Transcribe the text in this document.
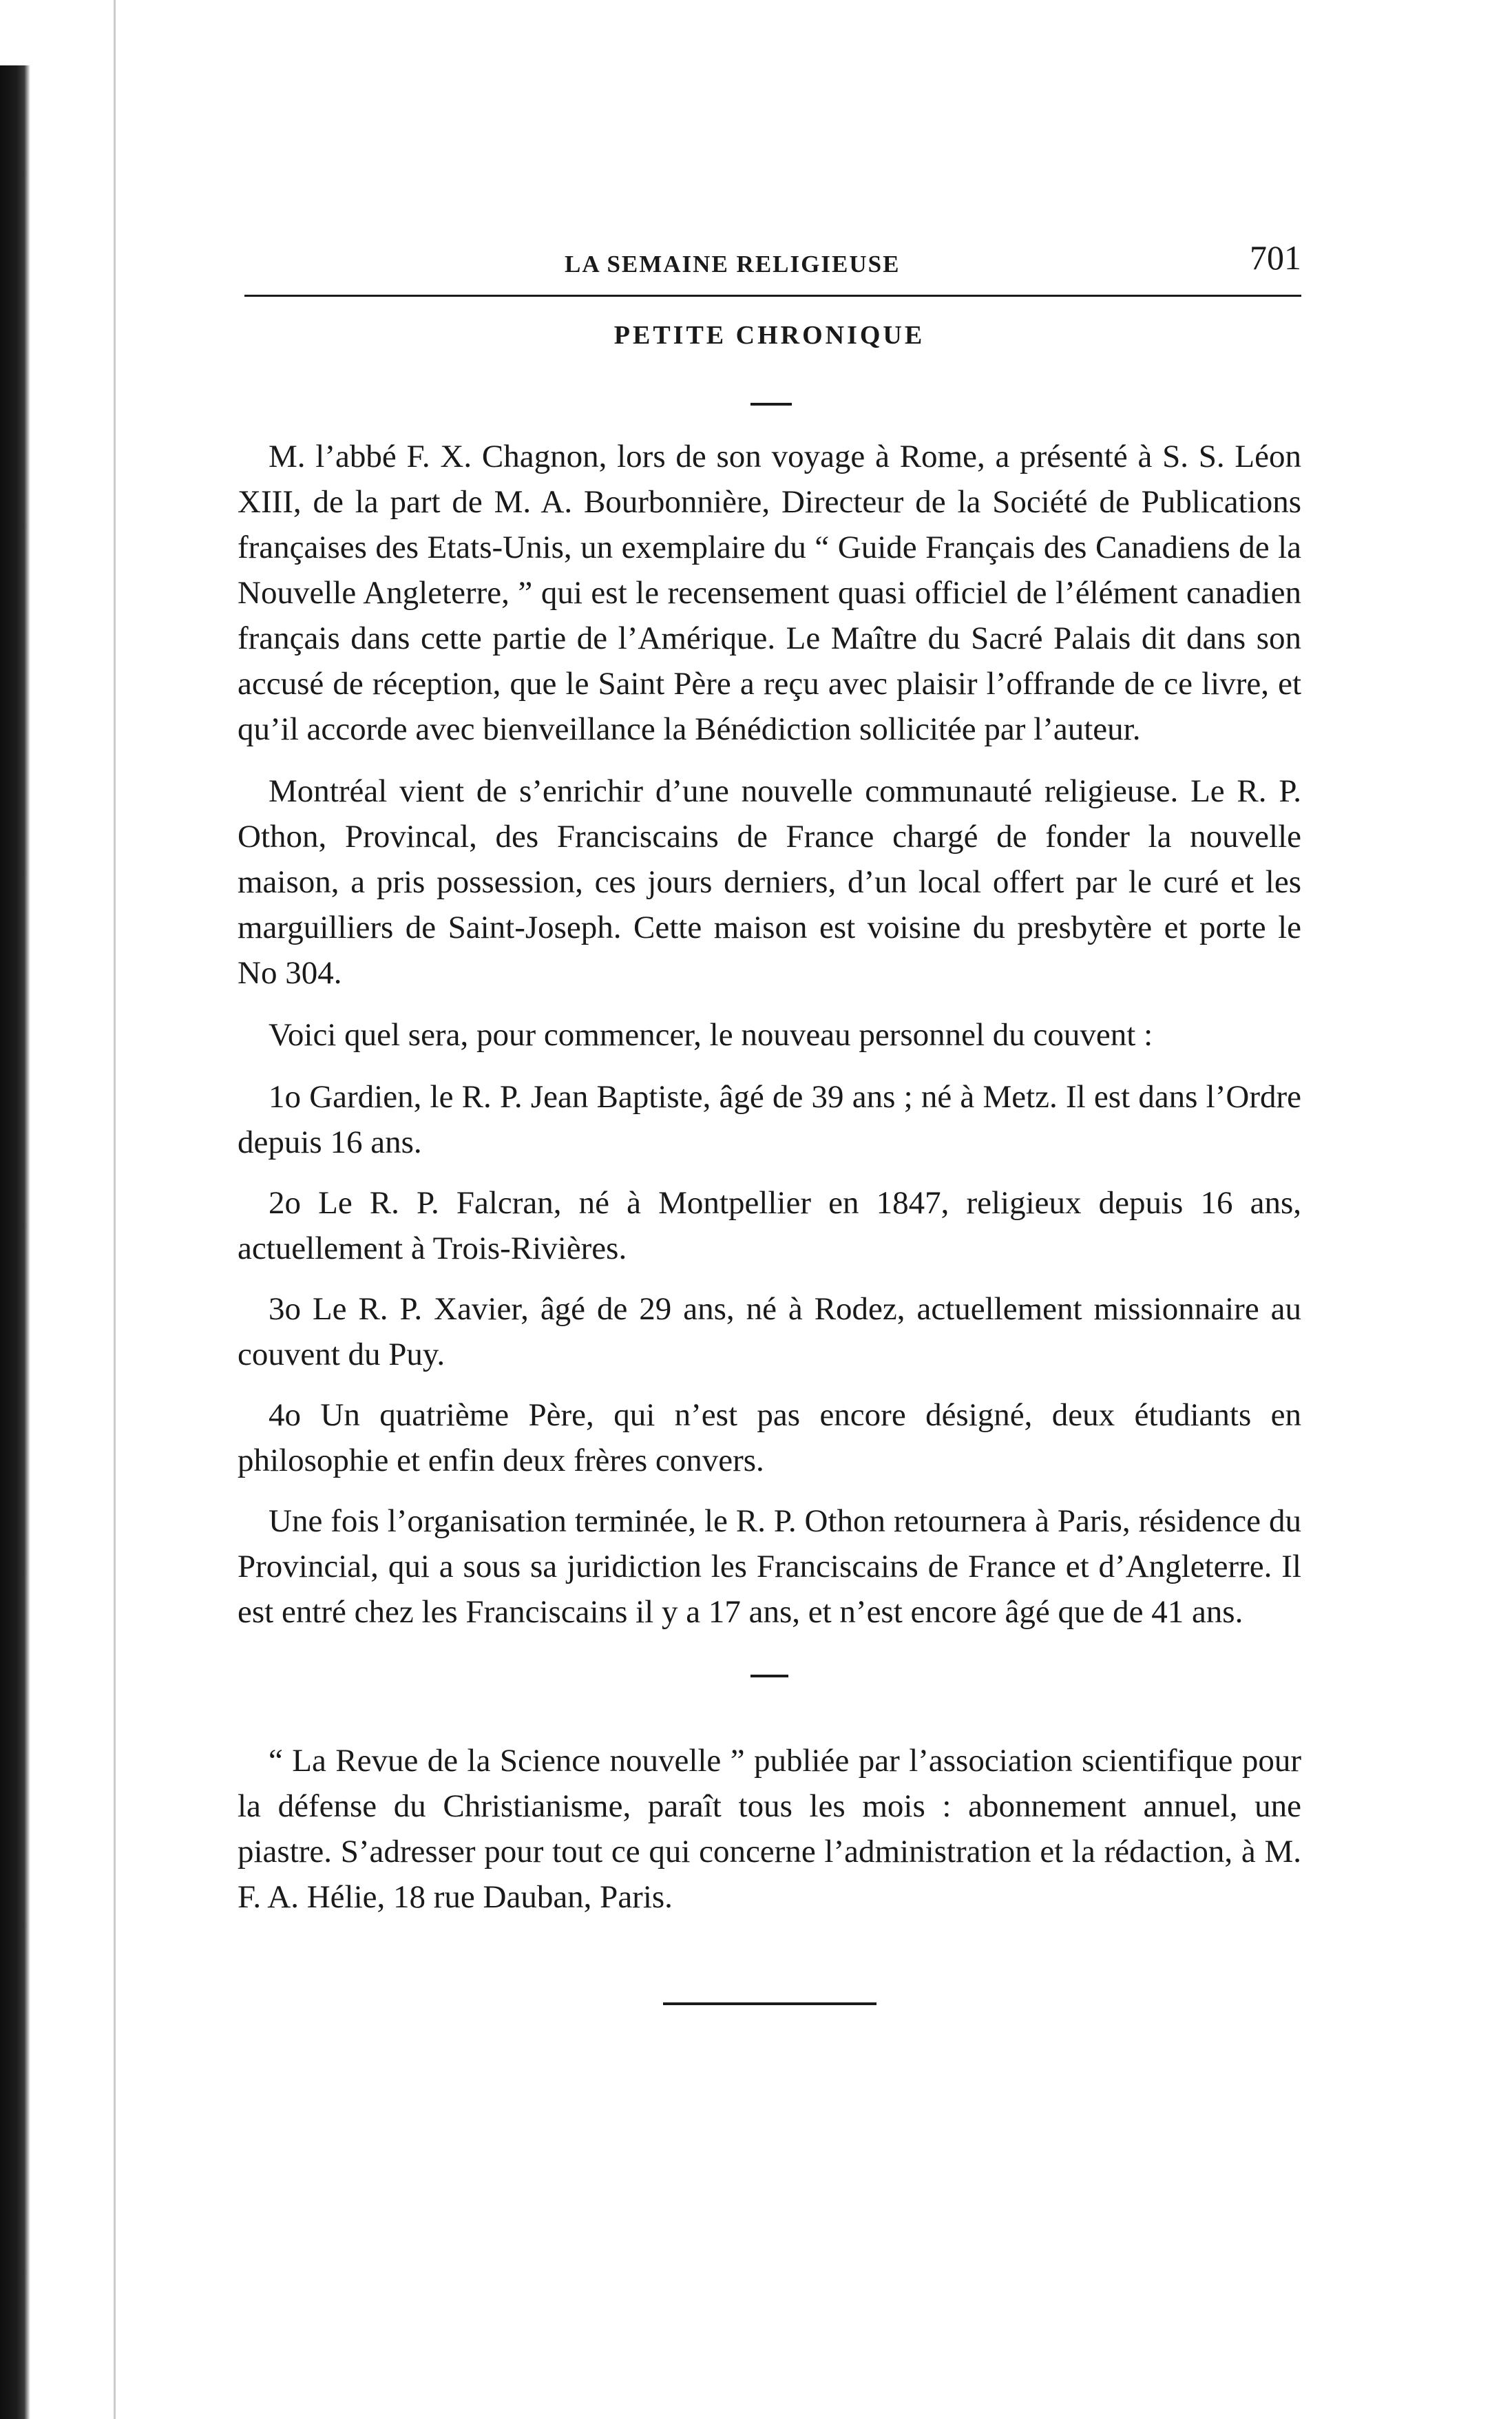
LA SEMAINE RELIGIEUSE	701
PETITE CHRONIQUE

M. l’abbé F. X. Chagnon, lors de son voyage à Rome, a présenté à S. S. Léon XIII, de la part de M. A. Bourbonnière, Directeur de la Société de Publications françaises des Etats-Unis, un exemplaire du “ Guide Français des Canadiens de la Nouvelle Angleterre, ” qui est le recensement quasi officiel de l’élément canadien français dans cette partie de l’Amérique. Le Maître du Sacré Palais dit dans son accusé de réception, que le Saint Père a reçu avec plaisir l’offrande de ce livre, et qu’il accorde avec bienveillance la Bénédiction sollicitée par l’auteur.

Montréal vient de s’enrichir d’une nouvelle communauté religieuse. Le R. P. Othon, Provincal, des Franciscains de France chargé de fonder la nouvelle maison, a pris possession, ces jours derniers, d’un local offert par le curé et les marguilliers de Saint-Joseph. Cette maison est voisine du presbytère et porte le No 304.

Voici quel sera, pour commencer, le nouveau personnel du couvent :

1o Gardien, le R. P. Jean Baptiste, âgé de 39 ans ; né à Metz. Il est dans l’Ordre depuis 16 ans.

2o Le R. P. Falcran, né à Montpellier en 1847, religieux depuis 16 ans, actuellement à Trois-Rivières.

3o Le R. P. Xavier, âgé de 29 ans, né à Rodez, actuellement missionnaire au couvent du Puy.

4o Un quatrième Père, qui n’est pas encore désigné, deux étudiants en philosophie et enfin deux frères convers.

Une fois l’organisation terminée, le R. P. Othon retournera à Paris, résidence du Provincial, qui a sous sa juridiction les Franciscains de France et d’Angleterre. Il est entré chez les Franciscains il y a 17 ans, et n’est encore âgé que de 41 ans.

“ La Revue de la Science nouvelle ” publiée par l’association scientifique pour la défense du Christianisme, paraît tous les mois : abonnement annuel, une piastre. S’adresser pour tout ce qui concerne l’administration et la rédaction, à M. F. A. Hélie, 18 rue Dauban, Paris.
